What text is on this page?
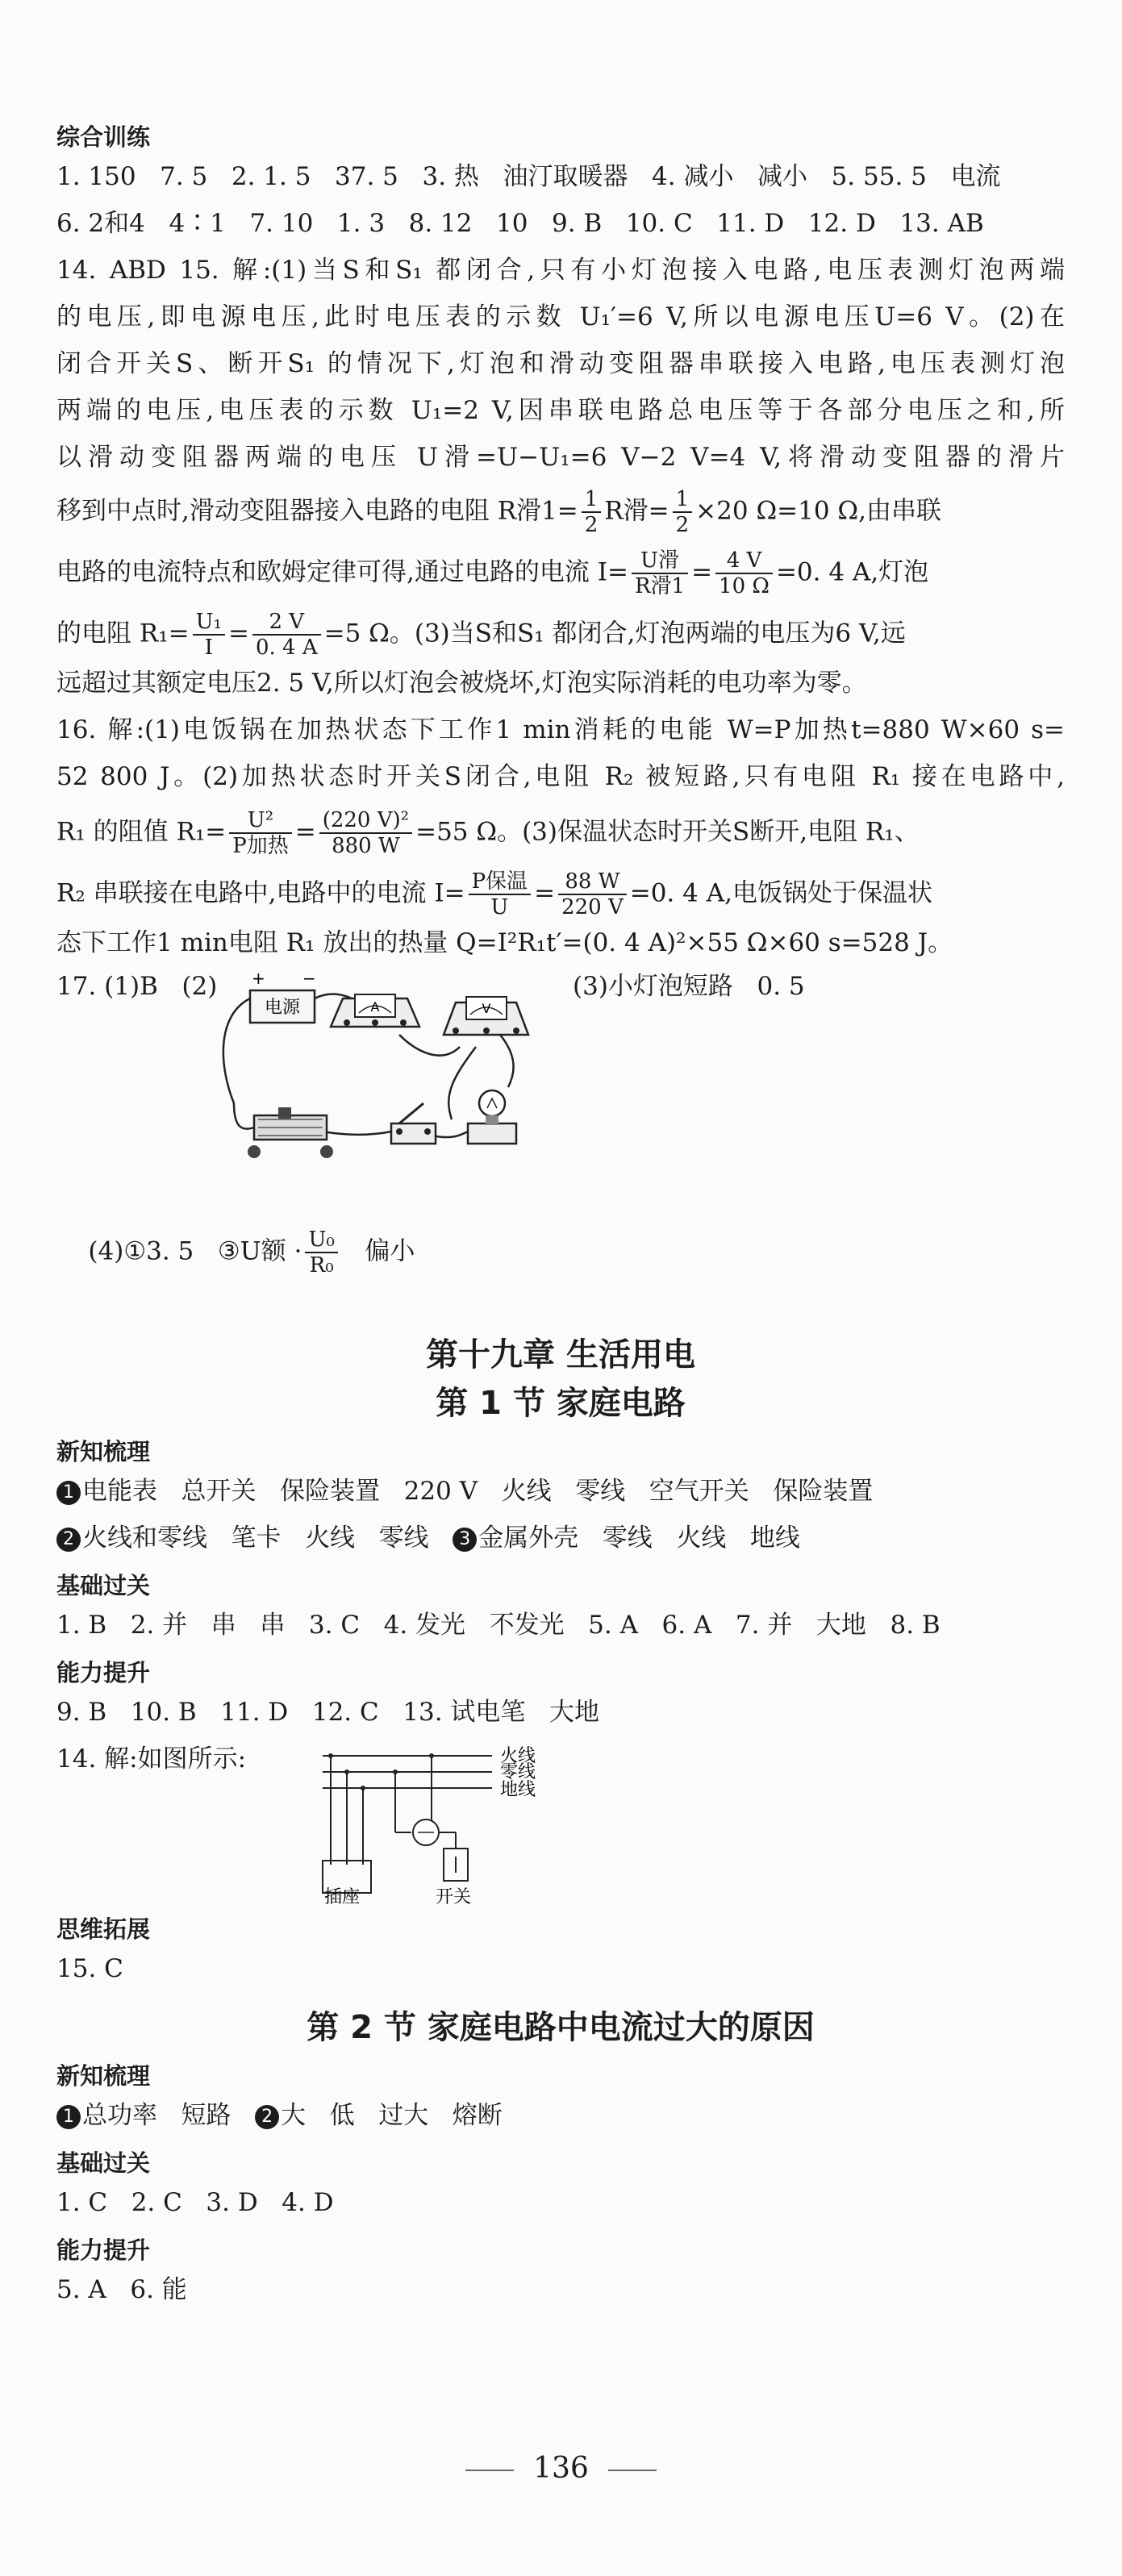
综合训练
1. 150   7. 5   2. 1. 5   37. 5   3. 热   油汀取暖器   4. 减小   减小   5. 55. 5   电流
6. 2和4   4∶1   7. 10   1. 3   8. 12   10   9. B   10. C   11. D   12. D   13. AB
14. ABD 15. 解:(1)当S和S₁ 都闭合,只有小灯泡接入电路,电压表测灯泡两端
的电压,即电源电压,此时电压表的示数 U₁′=6 V,所以电源电压U=6 V。(2)在
闭合开关S、断开S₁ 的情况下,灯泡和滑动变阻器串联接入电路,电压表测灯泡
两端的电压,电压表的示数 U₁=2 V,因串联电路总电压等于各部分电压之和,所
以滑动变阻器两端的电压 U滑=U−U₁=6 V−2 V=4 V,将滑动变阻器的滑片
移到中点时,滑动变阻器接入电路的电阻 R滑$1= \frac{1}{2}$ R滑= $\frac{1}{2} \times 20$ Ω=10 Ω,由串联
电路的电流特点和欧姆定律可得,通过电路的电流 $I= \frac{\text{U滑}}{\text{R滑1}} = \frac{4 V}{10 \Omega} =0$. 4 A,灯泡
的电阻 $R_1= \frac{\text{U₁}}{I} = \frac{2 V}{0. 4 A} =5$ Ω。(3)当S和S₁ 都闭合,灯泡两端的电压为6 V,远
远超过其额定电压2. 5 V,所以灯泡会被烧坏,灯泡实际消耗的电功率为零。
16. 解:(1)电饭锅在加热状态下工作1 min消耗的电能 W=P加热t=880 W×60 s=
52 800 J。(2)加热状态时开关S闭合,电阻 R₂ 被短路,只有电阻 R₁ 接在电路中,
R₁ 的阻值 $R_1= \frac{\text{U²}}{\text{P加热}} = \frac{\text{(220 V)²}}{880 W} =55$ Ω。(3)保温状态时开关S断开,电阻 R₁、
R₂ 串联接在电路中,电路中的电流 $I= \frac{\text{P保温}}{U} = \frac{88 W}{220 V} =0$. 4 A,电饭锅处于保温状
态下工作1 min电阻 R₁ 放出的热量 Q=I²R₁t′=(0. 4 A)²×55 Ω×60 s=528 J。
17. (1)B   (2)	(3)小灯泡短路   0. 5
电源
+ −
A	V

(4)①3. 5   ③U额 · $\frac{\text{U₀}}{\text{R₀}}$ 偏小

第十九章 生活用电
第 1 节 家庭电路
新知梳理
1 电能表   总开关   保险装置   220 V   火线   零线   空气开关   保险装置
2 火线和零线   笔卡   火线   零线 3 金属外壳   零线   火线   地线
基础过关
1. B   2. 并   串   串   3. C   4. 发光   不发光   5. A   6. A   7. 并   大地   8. B
能力提升
9. B   10. B   11. D   12. C   13. 试电笔   大地
14. 解:如图所示:	火线
零线
地线
插座	开关
思维拓展
15. C
第 2 节 家庭电路中电流过大的原因
新知梳理
1 总功率   短路 2 大   低   过大   熔断
基础过关
1. C   2. C   3. D   4. D
能力提升
5. A   6. 能
136
